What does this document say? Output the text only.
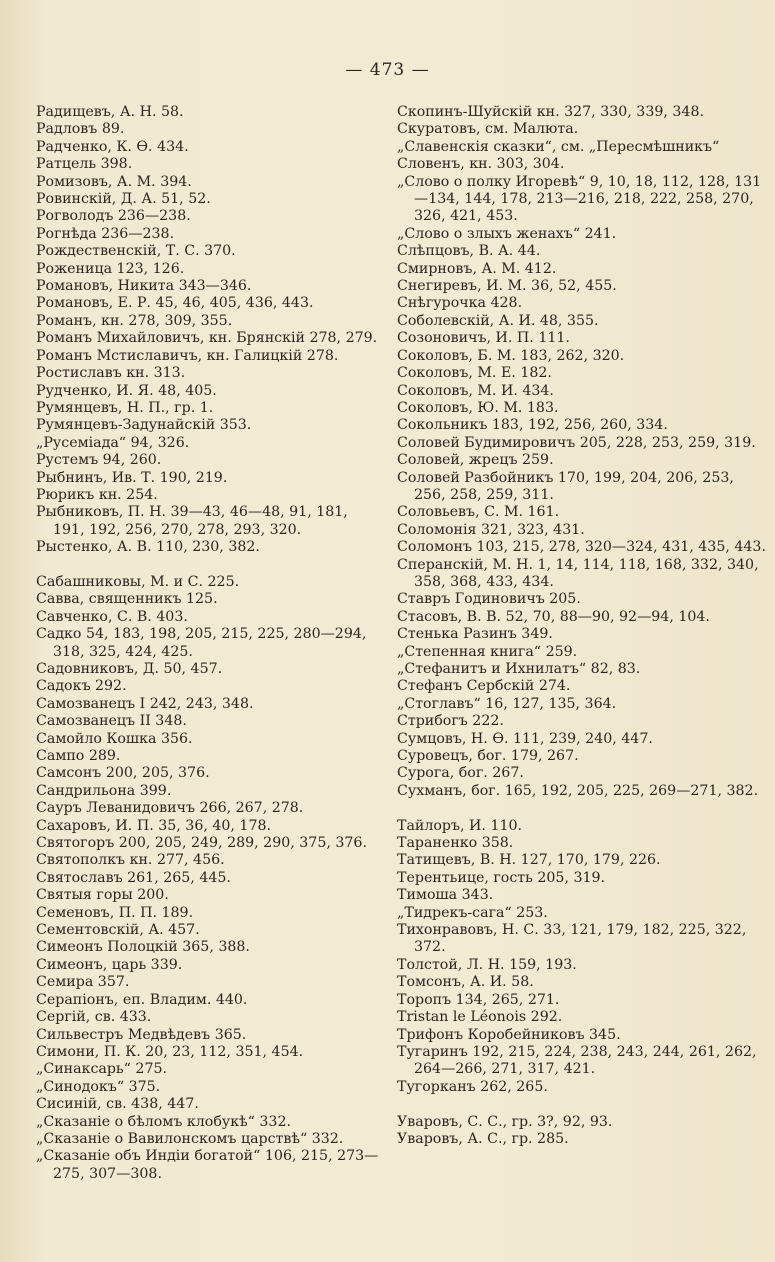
— 473 —
Радищевъ, А. Н. 58.
Радловъ 89.
Радченко, К. Ѳ. 434.
Ратцель 398.
Ромизовъ, А. М. 394.
Ровинскій, Д. А. 51, 52.
Рогволодъ 236—238.
Рогнѣда 236—238.
Рождественскій, Т. С. 370.
Роженица 123, 126.
Романовъ, Никита 343—346.
Романовъ, Е. Р. 45, 46, 405, 436, 443.
Романъ, кн. 278, 309, 355.
Романъ Михайловичъ, кн. Брянскій 278, 279.
Романъ Мстиславичъ, кн. Галицкій 278.
Ростиславъ кн. 313.
Рудченко, И. Я. 48, 405.
Румянцевъ, Н. П., гр. 1.
Румянцевъ-Задунайскій 353.
„Русеміада“ 94, 326.
Рустемъ 94, 260.
Рыбнинъ, Ив. Т. 190, 219.
Рюрикъ кн. 254.
Рыбниковъ, П. Н. 39—43, 46—48, 91, 181, 191, 192, 256, 270, 278, 293, 320.
Рыстенко, А. В. 110, 230, 382.
Сабашниковы, М. и С. 225.
Савва, священникъ 125.
Савченко, С. В. 403.
Садко 54, 183, 198, 205, 215, 225, 280—294, 318, 325, 424, 425.
Садовниковъ, Д. 50, 457.
Садокъ 292.
Самозванецъ I 242, 243, 348.
Самозванецъ II 348.
Самойло Кошка 356.
Сампо 289.
Самсонъ 200, 205, 376.
Сандрильона 399.
Сауръ Леванидовичъ 266, 267, 278.
Сахаровъ, И. П. 35, 36, 40, 178.
Святогоръ 200, 205, 249, 289, 290, 375, 376.
Святополкъ кн. 277, 456.
Святославъ 261, 265, 445.
Святыя горы 200.
Семеновъ, П. П. 189.
Сементовскій, А. 457.
Симеонъ Полоцкій 365, 388.
Симеонъ, царь 339.
Семира 357.
Серапіонъ, еп. Владим. 440.
Сергій, св. 433.
Сильвестръ Медвѣдевъ 365.
Симони, П. К. 20, 23, 112, 351, 454.
„Синаксарь“ 275.
„Синодокъ“ 375.
Сисиній, св. 438, 447.
„Сказаніе о бѣломъ клобукѣ“ 332.
„Сказаніе о Вавилонскомъ царствѣ“ 332.
„Сказаніе объ Индіи богатой“ 106, 215, 273—275, 307—308.
Скопинъ-Шуйскій кн. 327, 330, 339, 348.
Скуратовъ, см. Малюта.
„Славенскія сказки“, см. „Пересмѣшникъ“
Словенъ, кн. 303, 304.
„Слово о полку Игоревѣ“ 9, 10, 18, 112, 128, 131—134, 144, 178, 213—216, 218, 222, 258, 270, 326, 421, 453.
„Слово о злыхъ женахъ“ 241.
Слѣпцовъ, В. А. 44.
Смирновъ, А. М. 412.
Снегиревъ, И. М. 36, 52, 455.
Снѣгурочка 428.
Соболевскій, А. И. 48, 355.
Созоновичъ, И. П. 111.
Соколовъ, Б. М. 183, 262, 320.
Соколовъ, М. Е. 182.
Соколовъ, М. И. 434.
Соколовъ, Ю. М. 183.
Сокольникъ 183, 192, 256, 260, 334.
Соловей Будимировичъ 205, 228, 253, 259, 319.
Соловей, жрецъ 259.
Соловей Разбойникъ 170, 199, 204, 206, 253, 256, 258, 259, 311.
Соловьевъ, С. М. 161.
Соломонія 321, 323, 431.
Соломонъ 103, 215, 278, 320—324, 431, 435, 443.
Сперанскій, М. Н. 1, 14, 114, 118, 168, 332, 340, 358, 368, 433, 434.
Ставръ Годиновичъ 205.
Стасовъ, В. В. 52, 70, 88—90, 92—94, 104.
Стенька Разинъ 349.
„Степенная книга“ 259.
„Стефанитъ и Ихнилатъ“ 82, 83.
Стефанъ Сербскій 274.
„Стоглавъ“ 16, 127, 135, 364.
Стрибогъ 222.
Сумцовъ, Н. Ѳ. 111, 239, 240, 447.
Суровецъ, бог. 179, 267.
Сурога, бог. 267.
Сухманъ, бог. 165, 192, 205, 225, 269—271, 382.
Тайлоръ, И. 110.
Тараненко 358.
Татищевъ, В. Н. 127, 170, 179, 226.
Терентьице, гость 205, 319.
Тимоша 343.
„Тидрекъ-сага“ 253.
Тихонравовъ, Н. С. 33, 121, 179, 182, 225, 322, 372.
Толстой, Л. Н. 159, 193.
Томсонъ, А. И. 58.
Торопъ 134, 265, 271.
Tristan le Léonois 292.
Трифонъ Коробейниковъ 345.
Тугаринъ 192, 215, 224, 238, 243, 244, 261, 262, 264—266, 271, 317, 421.
Тугорканъ 262, 265.
Уваровъ, С. С., гр. 3?, 92, 93.
Уваровъ, А. С., гр. 285.
